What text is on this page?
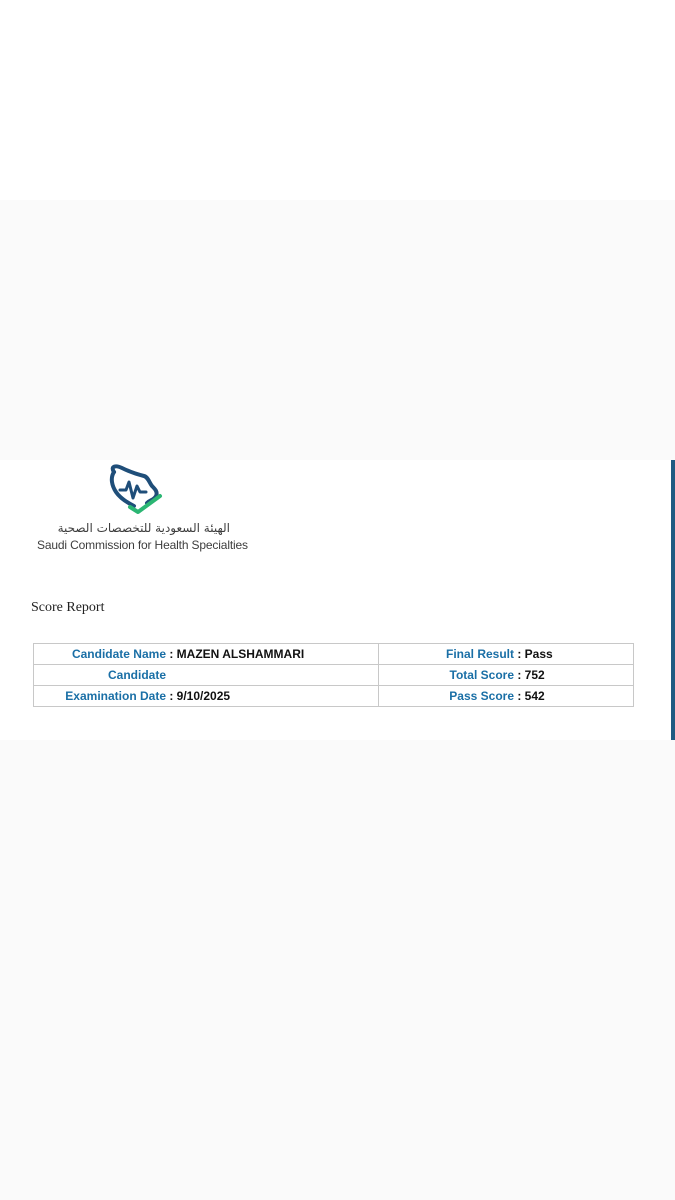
الهيئة السعودية للتخصصات الصحية
Saudi Commission for Health Specialties
Score Report
Candidate Name : MAZEN ALSHAMMARI	Final Result : Pass
Candidate	Total Score : 752
Examination Date : 9/10/2025	Pass Score : 542
